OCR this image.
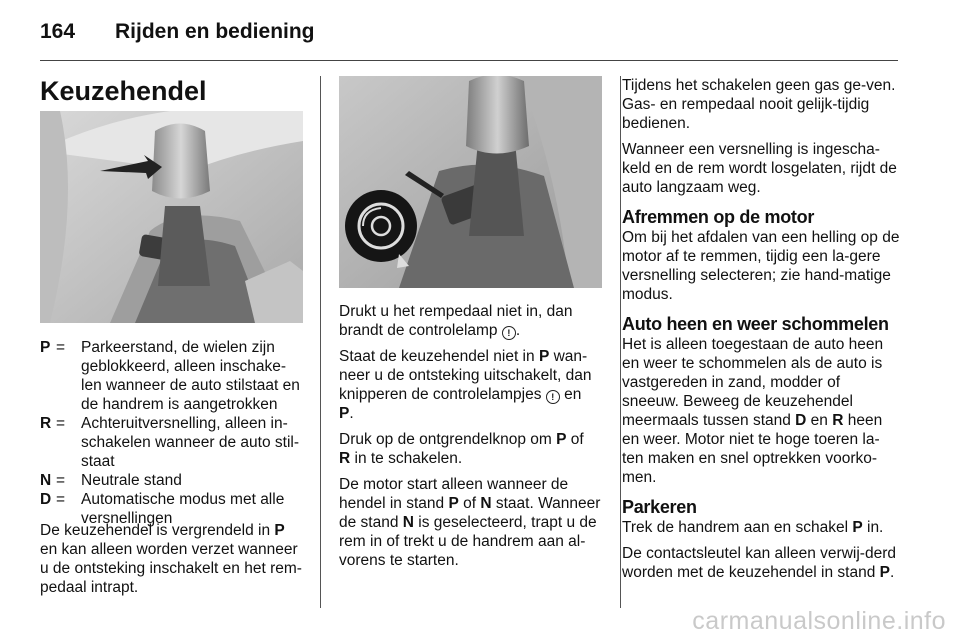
164 Rijden en bediening
Keuzehendel
P =	Parkeerstand, de wielen zijn geblokkeerd, alleen inschake-len wanneer de auto stilstaat en de handrem is aangetrokken
R =	Achteruitversnelling, alleen in-schakelen wanneer de auto stil-staat
N =	Neutrale stand
D =	Automatische modus met alle versnellingen

De keuzehendel is vergrendeld in P en kan alleen worden verzet wanneer u de ontsteking inschakelt en het rem-pedaal intrapt.

Drukt u het rempedaal niet in, dan brandt de controlelamp ! .

Staat de keuzehendel niet in P wan-neer u de ontsteking uitschakelt, dan knipperen de controlelampjes ! en
P.

Druk op de ontgrendelknop om P of
R in te schakelen.

De motor start alleen wanneer de hendel in stand P of N staat. Wanneer de stand N is geselecteerd, trapt u de rem in of trekt u de handrem aan al-vorens te starten.

Tijdens het schakelen geen gas ge-ven. Gas- en rempedaal nooit gelijk-tijdig bedienen.

Wanneer een versnelling is ingescha-keld en de rem wordt losgelaten, rijdt de auto langzaam weg.

Afremmen op de motor

Om bij het afdalen van een helling op de motor af te remmen, tijdig een la-gere versnelling selecteren; zie hand-matige modus.

Auto heen en weer schommelen

Het is alleen toegestaan de auto heen en weer te schommelen als de auto is vastgereden in zand, modder of sneeuw. Beweeg de keuzehendel meermaals tussen stand D en R heen en weer. Motor niet te hoge toeren la-ten maken en snel optrekken voorko-men.

Parkeren

Trek de handrem aan en schakel P in.

De contactsleutel kan alleen verwij-derd worden met de keuzehendel in stand P.

carmanualsonline.info
